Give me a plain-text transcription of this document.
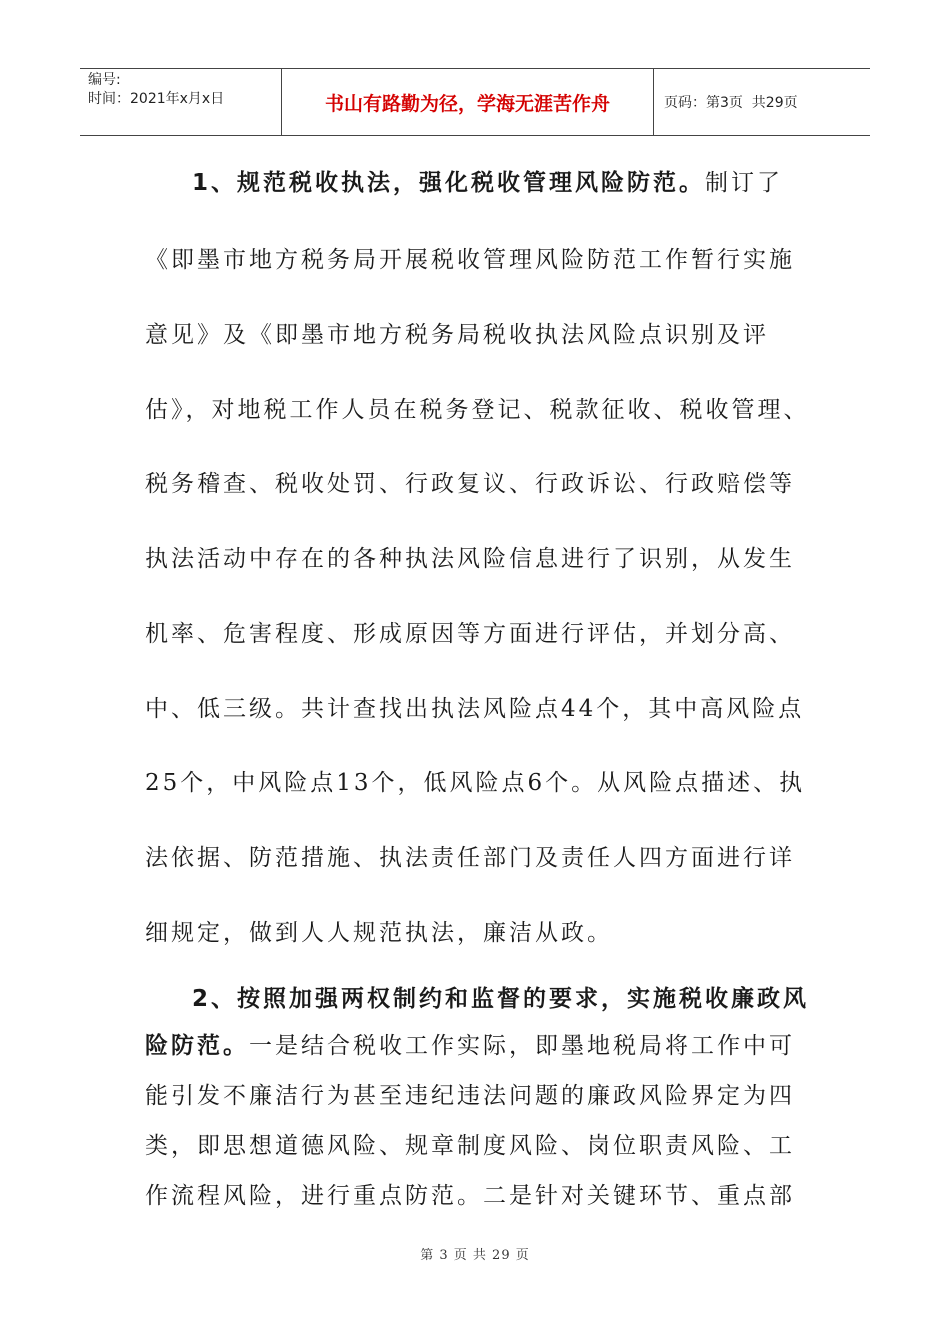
编号:
时间：2021年x月x日	书山有路勤为径，学海无涯苦作舟	页码：第3页  共29页
1、规范税收执法，强化税收管理风险防范。制订了
《即墨市地方税务局开展税收管理风险防范工作暂行实施
意见》及《即墨市地方税务局税收执法风险点识别及评
估》，对地税工作人员在税务登记、税款征收、税收管理、
税务稽查、税收处罚、行政复议、行政诉讼、行政赔偿等
执法活动中存在的各种执法风险信息进行了识别，从发生
机率、危害程度、形成原因等方面进行评估，并划分高、
中、低三级。共计查找出执法风险点44个，其中高风险点
25个，中风险点13个，低风险点6个。从风险点描述、执
法依据、防范措施、执法责任部门及责任人四方面进行详
细规定，做到人人规范执法，廉洁从政。
2、按照加强两权制约和监督的要求，实施税收廉政风
险防范。一是结合税收工作实际，即墨地税局将工作中可
能引发不廉洁行为甚至违纪违法问题的廉政风险界定为四
类，即思想道德风险、规章制度风险、岗位职责风险、工
作流程风险，进行重点防范。二是针对关键环节、重点部
第 3 页 共 29 页
